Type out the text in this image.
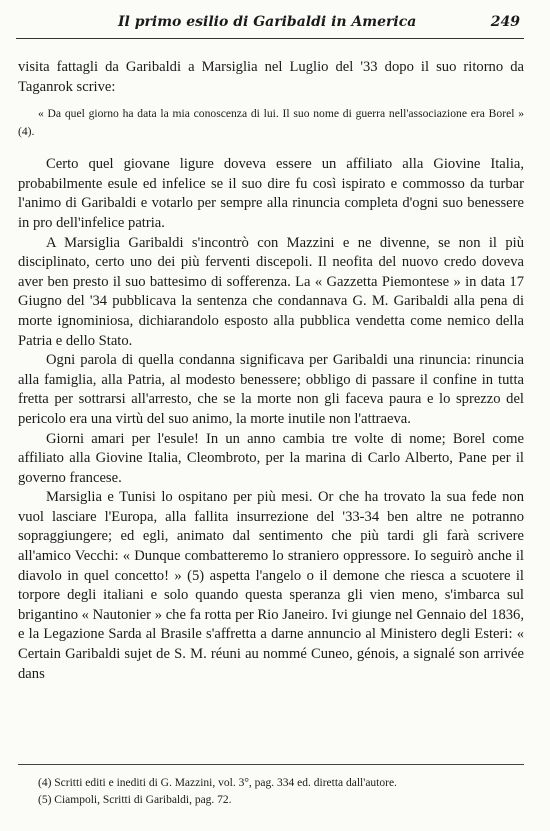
Il primo esilio di Garibaldi in America	249

visita fattagli da Garibaldi a Marsiglia nel Luglio del '33 dopo il suo ritorno da Taganrok scrive:

« Da quel giorno ha data la mia conoscenza di lui. Il suo nome di guerra nell'associazione era Borel » (4).

Certo quel giovane ligure doveva essere un affiliato alla Giovine Italia, probabilmente esule ed infelice se il suo dire fu così ispirato e commosso da turbar l'animo di Garibaldi e votarlo per sempre alla rinuncia completa d'ogni suo benessere in pro dell'infelice patria.

A Marsiglia Garibaldi s'incontrò con Mazzini e ne divenne, se non il più disciplinato, certo uno dei più ferventi discepoli. Il neofita del nuovo credo doveva aver ben presto il suo battesimo di sofferenza. La « Gazzetta Piemontese » in data 17 Giugno del '34 pubblicava la sentenza che condannava G. M. Garibaldi alla pena di morte ignominiosa, dichiarandolo esposto alla pubblica vendetta come nemico della Patria e dello Stato.

Ogni parola di quella condanna significava per Garibaldi una rinuncia: rinuncia alla famiglia, alla Patria, al modesto benessere; obbligo di passare il confine in tutta fretta per sottrarsi all'arresto, che se la morte non gli faceva paura e lo sprezzo del pericolo era una virtù del suo animo, la morte inutile non l'attraeva.

Giorni amari per l'esule! In un anno cambia tre volte di nome; Borel come affiliato alla Giovine Italia, Cleombroto, per la marina di Carlo Alberto, Pane per il governo francese.

Marsiglia e Tunisi lo ospitano per più mesi. Or che ha trovato la sua fede non vuol lasciare l'Europa, alla fallita insurrezione del '33-34 ben altre ne potranno sopraggiungere; ed egli, animato dal sentimento che più tardi gli farà scrivere all'amico Vecchi: « Dunque combatteremo lo straniero oppressore. Io seguirò anche il diavolo in quel concetto! » (5) aspetta l'angelo o il demone che riesca a scuotere il torpore degli italiani e solo quando questa speranza gli vien meno, s'imbarca sul brigantino « Nautonier » che fa rotta per Rio Janeiro. Ivi giunge nel Gennaio del 1836, e la Legazione Sarda al Brasile s'affretta a darne annuncio al Ministero degli Esteri: « Certain Garibaldi sujet de S. M. réuni au nommé Cuneo, génois, a signalé son arrivée dans

(4) Scritti editi e inediti di G. Mazzini, vol. 3°, pag. 334 ed. diretta dall'autore.

(5) Ciampoli, Scritti di Garibaldi, pag. 72.
